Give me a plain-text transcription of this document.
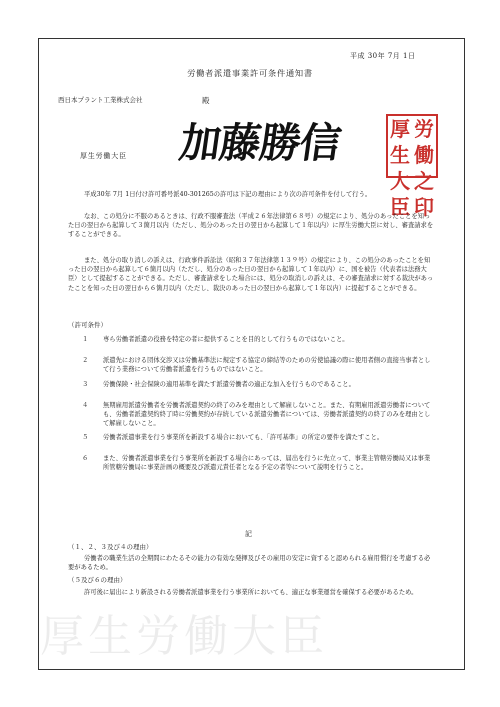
平成 30年 7月 1日
労働者派遣事業許可条件通知書
西日本プラント工業株式会社	殿
厚生労働大臣 加藤勝信 厚生
労働
大臣
之印
平成30年 7月 1日付け許可番号派40-301265の許可は下記の理由により次の許可条件を付して行う。
なお、この処分に不服のあるときは、行政不服審査法（平成２６年法律第６８号）の規定により、処分のあったことを知った日の翌日から起算して３箇月以内（ただし、処分のあった日の翌日から起算して１年以内）に厚生労働大臣に対し、審査請求をすることができる。
また、処分の取り消しの訴えは、行政事件訴訟法（昭和３７年法律第１３９号）の規定により、この処分のあったことを知った日の翌日から起算して６箇月以内（ただし、処分のあった日の翌日から起算して１年以内）に、国を被告（代表者は法務大臣）として提起することができる。ただし、審査請求をした場合には、処分の取消しの訴えは、その審査請求に対する裁決があったことを知った日の翌日から６箇月以内（ただし、裁決のあった日の翌日から起算して１年以内）に提起することができる。
（許可条件）
１ 専ら労働者派遣の役務を特定の者に提供することを目的として行うものではないこと。
２ 派遣先における団体交渉又は労働基準法に規定する協定の締結等のための労使協議の際に使用者側の直接当事者として行う業務について労働者派遣を行うものではないこと。
３ 労働保険・社会保険の適用基準を満たす派遣労働者の適正な加入を行うものであること。
４ 無期雇用派遣労働者を労働者派遣契約の終了のみを理由として解雇しないこと。また、有期雇用派遣労働者についても、労働者派遣契約終了時に労働契約が存続している派遣労働者については、労働者派遣契約の終了のみを理由として解雇しないこと。
５ 労働者派遣事業を行う事業所を新設する場合においても、「許可基準」の所定の要件を満たすこと。
６ また、労働者派遣事業を行う事業所を新設する場合にあっては、届出を行うに先立って、事業主管轄労働局又は事業所管轄労働局に事業計画の概要及び派遣元責任者となる予定の者等について説明を行うこと。
記
（１、２、３及び４の理由）
労働者の職業生活の全期間にわたるその能力の有効な発揮及びその雇用の安定に資すると認められる雇用慣行を考慮する必要があるため。
（５及び６の理由）
許可後に届出により新設される労働者派遣事業を行う事業所においても、適正な事業運営を確保する必要があるため。
厚生労働大臣
